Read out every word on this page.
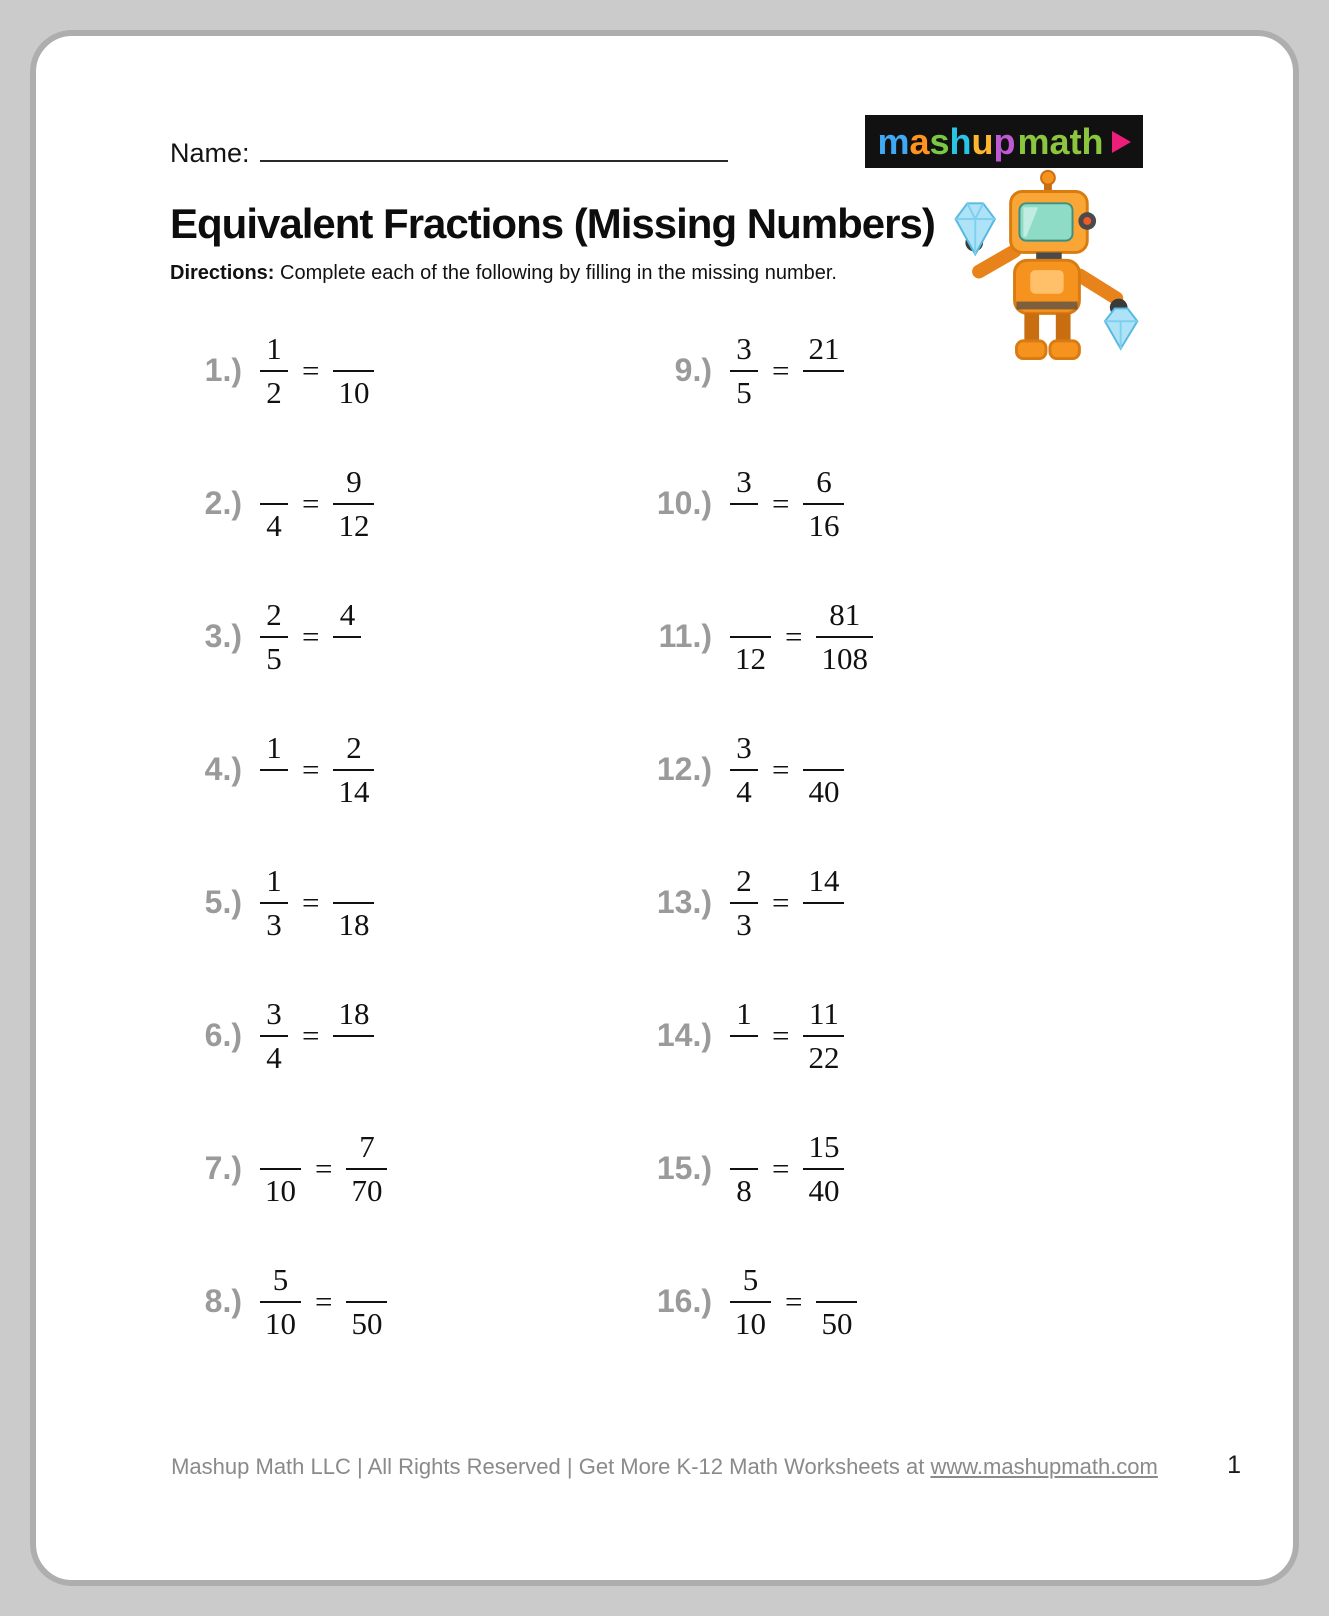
Name:	mashup math
Equivalent Fractions (Missing Numbers)

Directions: Complete each of the following by filling in the missing number.

$1.) \frac{1}{2}$ =

10
2.)

4
= $\frac{9}{12}$
$3.) \frac{2}{5}$ =
4

4.)
1

= $\frac{2}{14}$
$5.) \frac{1}{3}$ =

18
$6.) \frac{3}{4}$ =
18

7.)

10
= $\frac{7}{70}$
$8.) \frac{5}{10}$ =

50
$9.) \frac{3}{5}$ =
21

10.)
3

= $\frac{6}{16}$
11.)

12
= $\frac{81}{108}$
$12.) \frac{3}{4}$ =

40
$13.) \frac{2}{3}$ =
14

14.)
1

= $\frac{11}{22}$
15.)

8
= $\frac{15}{40}$
$16.) \frac{5}{10}$ =

50
Mashup Math LLC | All Rights Reserved | Get More K-12 Math Worksheets at www.mashupmath.com	1
